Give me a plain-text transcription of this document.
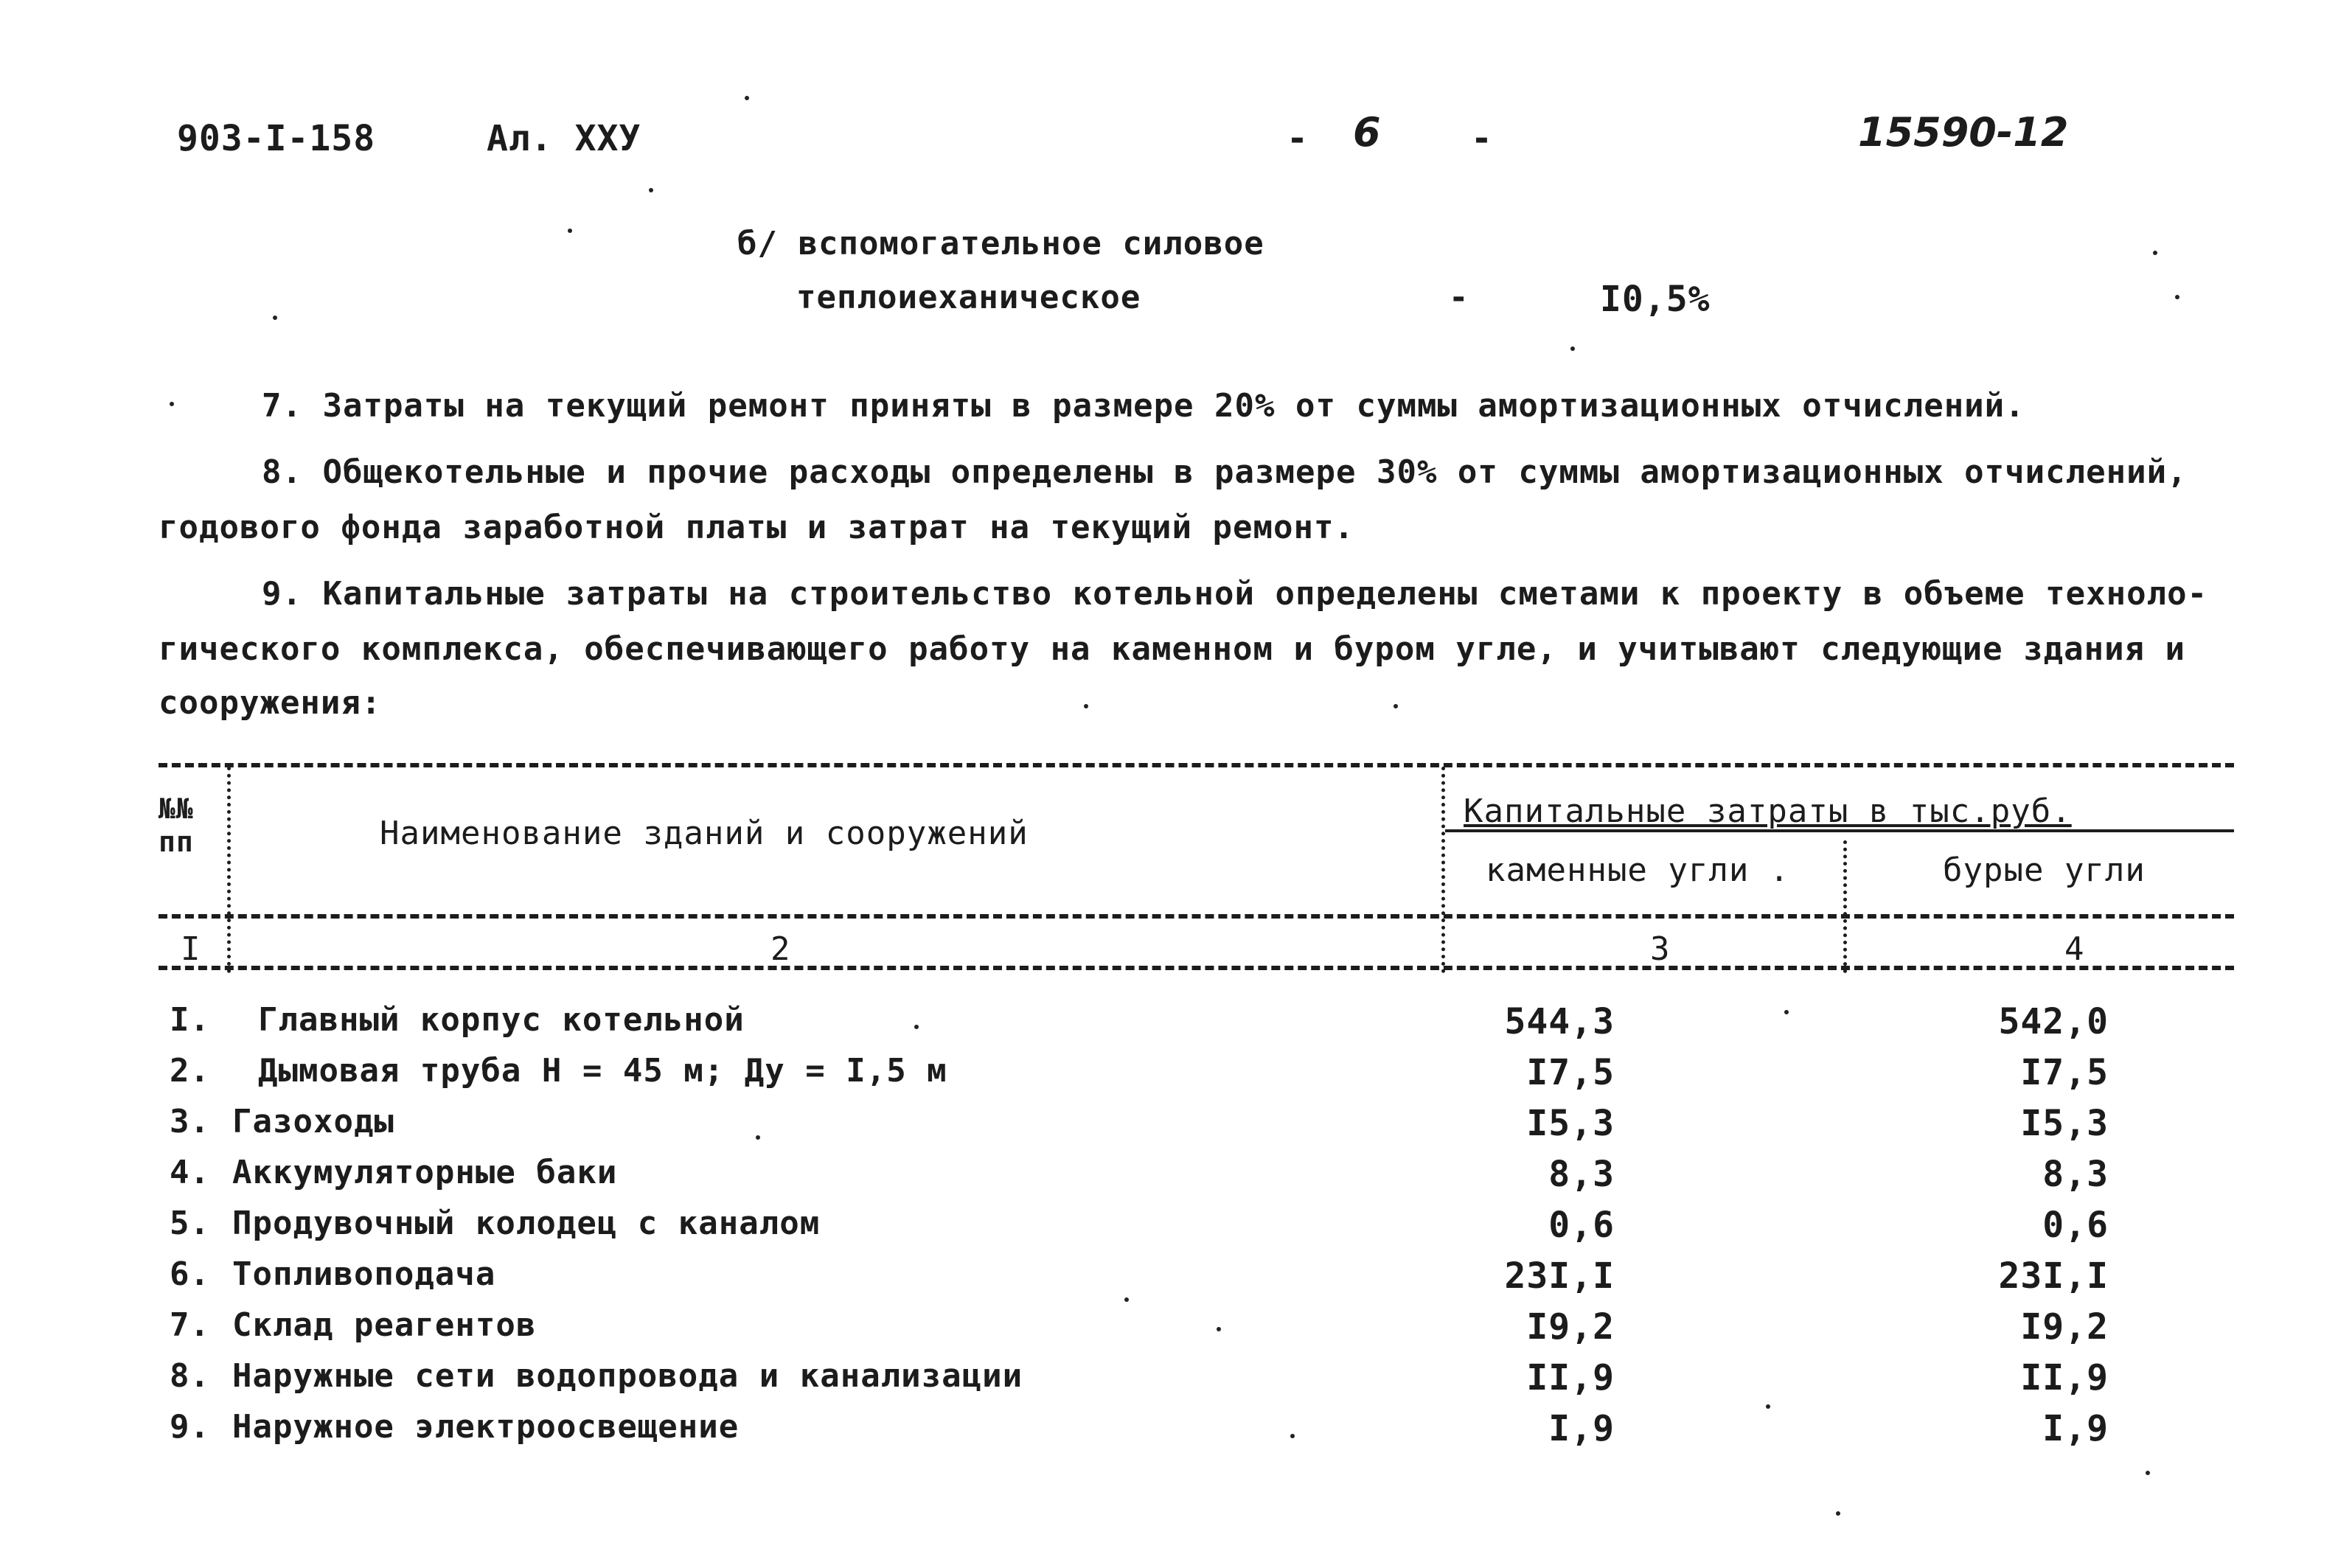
903-I-158	Ал. ХХУ	- 6	-	15590-12
б/ вспомогательное силовое
теплоиеханическое	-	I0,5%
7. Затраты на текущий ремонт приняты в размере 20% от суммы амортизационных отчислений.
8. Общекотельные и прочие расходы определены в размере 30% от суммы амортизационных отчислений,
годового фонда заработной платы и затрат на текущий ремонт.
9. Капитальные затраты на строительство котельной определены сметами к проекту в объеме техноло-
гического комплекса, обеспечивающего работу на каменном и буром угле, и учитывают следующие здания и
сооружения:
№№
пп	Наименование зданий и сооружений
Капитальные затраты в тыс.руб.
каменные угли .	бурые угли
I	2	3	4
I. Главный корпус котельной	544,3	542,0
2. Дымовая труба Н = 45 м; Ду = I,5 м	I7,5	I7,5
3. Газоходы	I5,3	I5,3
4. Аккумуляторные баки	8,3	8,3
5. Продувочный колодец с каналом	0,6	0,6
6. Топливоподача	23I,I	23I,I
7. Склад реагентов	I9,2	I9,2
8. Наружные сети водопровода и канализации	II,9	II,9
9. Наружное электроосвещение	I,9	I,9
